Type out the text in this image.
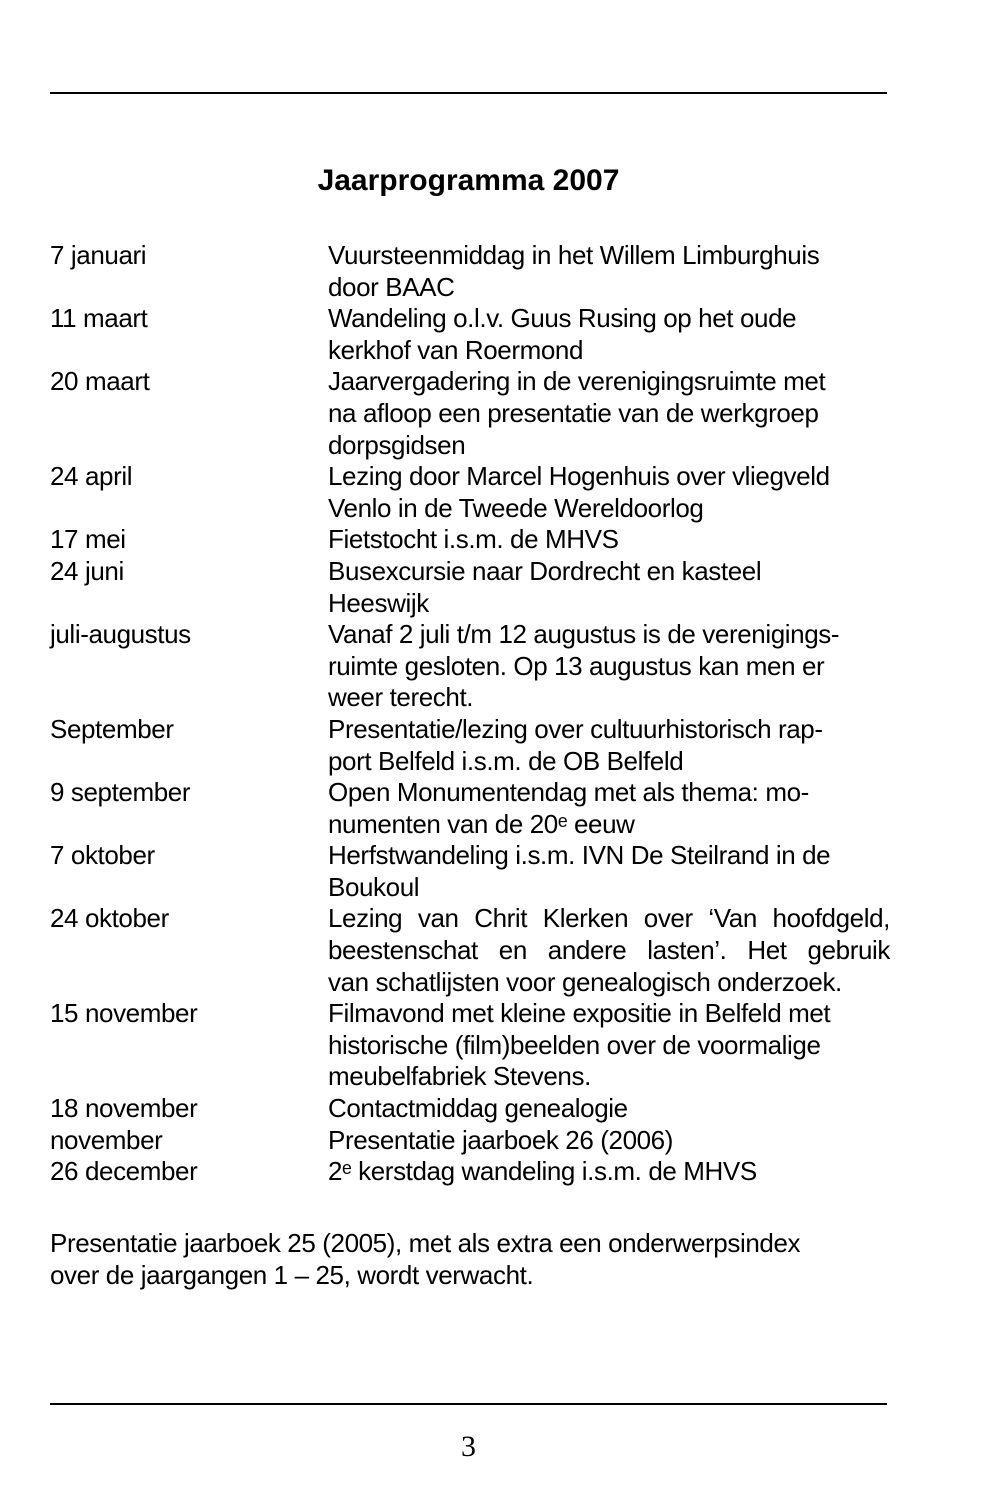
Jaarprogramma 2007
7 januari	Vuursteenmiddag in het Willem Limburghuis
door BAAC
11 maart	Wandeling o.l.v. Guus Rusing op het oude
kerkhof van Roermond
20 maart	Jaarvergadering in de verenigingsruimte met
na afloop een presentatie van de werkgroep
dorpsgidsen
24 april	Lezing door Marcel Hogenhuis over vliegveld
Venlo in de Tweede Wereldoorlog
17 mei	Fietstocht i.s.m. de MHVS
24 juni	Busexcursie naar Dordrecht en kasteel
Heeswijk
juli-augustus	Vanaf 2 juli t/m 12 augustus is de verenigings-
ruimte gesloten. Op 13 augustus kan men er
weer terecht.
September	Presentatie/lezing over cultuurhistorisch rap-
port Belfeld i.s.m. de OB Belfeld
9 september	Open Monumentendag met als thema: mo-
numenten van de 20ᵉ eeuw
7 oktober	Herfstwandeling i.s.m. IVN De Steilrand in de
Boukoul
24 oktober	Lezing van Chrit Klerken over ‘Van hoofdgeld,
beestenschat en andere lasten’. Het gebruik
van schatlijsten voor genealogisch onderzoek.
15 november	Filmavond met kleine expositie in Belfeld met
historische (film)beelden over de voormalige
meubelfabriek Stevens.
18 november	Contactmiddag genealogie
november	Presentatie jaarboek 26 (2006)
26 december	2ᵉ kerstdag wandeling i.s.m. de MHVS
Presentatie jaarboek 25 (2005), met als extra een onderwerpsindex
over de jaargangen 1 – 25, wordt verwacht.
3
